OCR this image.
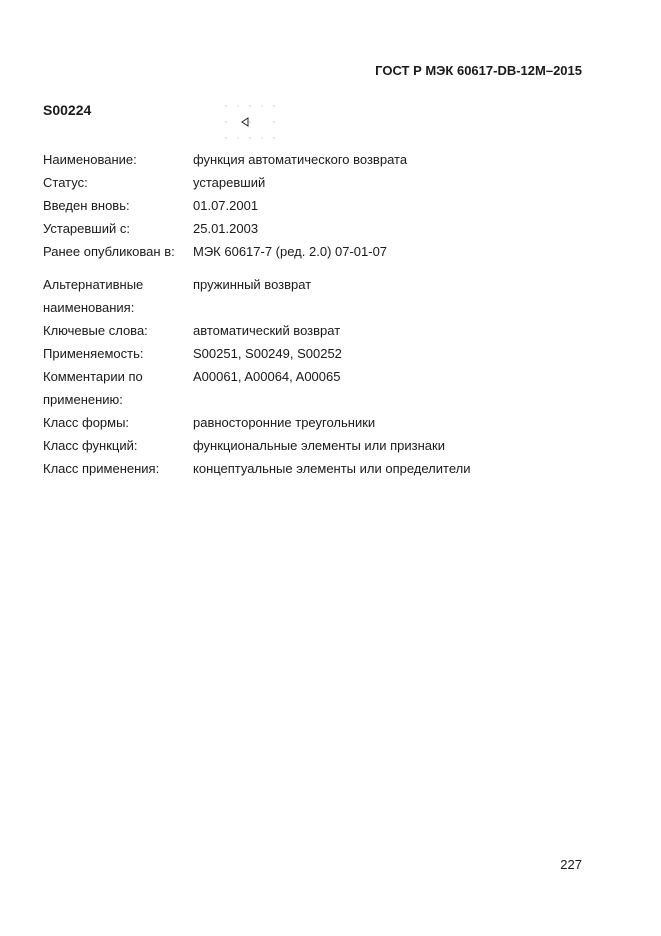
ГОСТ Р МЭК 60617-DB-12M–2015
S00224
Наименование:	функция автоматического возврата
Статус:	устаревший
Введен вновь:	01.07.2001
Устаревший с:	25.01.2003
Ранее опубликован в:	МЭК 60617-7 (ред. 2.0) 07-01-07
Альтернативные	пружинный возврат
наименования:
Ключевые слова:	автоматический возврат
Применяемость:	S00251, S00249, S00252
Комментарии по	A00061, A00064, A00065
применению:
Класс формы:	равносторонние треугольники
Класс функций:	функциональные элементы или признаки
Класс применения:	концептуальные элементы или определители
227
